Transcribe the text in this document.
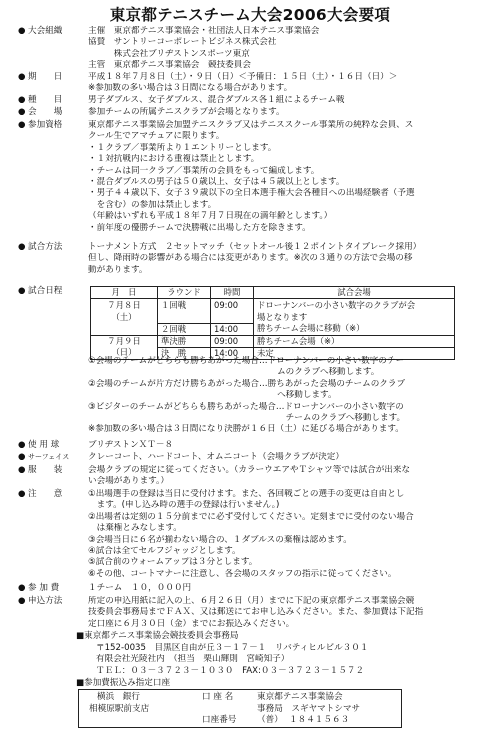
東京都テニスチーム大会2006大会要項
● 大会組織	主催　東京都テニス事業協会・社団法人日本テニス事業協会
協賛　サントリーコーポレートビジネス株式会社
　　　株式会社ブリヂストンスポーツ東京
主管　東京都テニス事業協会　競技委員会
● 期　　日	平成１８年７月８日（土）・９日（日）＜予備日：１５日（土）・１６日（日）＞
※参加数の多い場合は３日間になる場合があります。
● 種　　目	男子ダブルス、女子ダブルス、混合ダブルス各１組によるチーム戦
● 会　　場	参加チームの所属テニスクラブが会場となります。
● 参加資格	東京都テニス事業協会加盟テニスクラブ又はテニススクール事業所の純粋な会員、ス
クール生でアマチュアに限ります。
・１クラブ／事業所より１エントリーとします。
・１対抗戦内における重複は禁止とします。
・チームは同一クラブ／事業所の会員をもって編成します。
・混合ダブルスの男子は５０歳以上、女子は４５歳以上とします。
・男子４４歳以下、女子３９歳以下の全日本選手権大会各種目への出場経験者（予選
　を含む）の参加は禁止します。
（年齢はいずれも平成１８年７月７日現在の満年齢とします。）
・前年度の優勝チームで決勝戦に出場した方を除きます。
● 試合方法	トーナメント方式　２セットマッチ（セットオール後１２ポイントタイブレーク採用）
但し、降雨時の影響がある場合には変更があります。※次の３通りの方法で会場の移
動があります。
● 試合日程	月　日	ラウンド	時間	試合会場
７月８日	１回戦	09:00	ドローナンバーの小さい数字のクラブが会
（土）			場となります
	２回戦	14:00	勝ちチーム会場に移動（※）
７月９日	準決勝	09:00	勝ちチーム会場（※）
（日）	決　勝	14:00	未定
①会場のチームがどちらも勝ちあがった場合…ドローナンバーの小さい数字のチー
　　　　　　　　　　　　　　　　　　　　　　ムのクラブへ移動します。
②会場のチームが片方だけ勝ちあがった場合…勝ちあがった会場のチームのクラブ
　　　　　　　　　　　　　　　　　　　　　　へ移動します。
③ビジターのチームがどちらも勝ちあがった場合…ドローナンバーの小さい数字の
　　　　　　　　　　　　　　　　　　　　　　　チームのクラブへ移動します。
※参加数の多い場合は３日間になり決勝が１６日（土）に延びる場合があります。
● 使 用 球	ブリヂストンＸＴ－８
● サーフェイス クレーコート、ハードコート、オムニコート（会場クラブが決定）
● 服　　装	会場クラブの規定に従ってください。（カラーウエアやＴシャツ等では試合が出来な
い会場があります。）
● 注　　意	①出場選手の登録は当日に受付けます。また、各回戦ごとの選手の変更は自由とし
　ます。(申し込み時の選手の登録は行いません。)
②出場者は定刻の１５分前までに必ず受付してください。定刻までに受付のない場合
　は棄権とみなします。
③会場当日に６名が揃わない場合の、１ダブルスの棄権は認めます。
④試合は全てセルフジャッジとします。
⑤試合前のウォームアップは３分とします。
⑥その他、コートマナーに注意し、各会場のスタッフの指示に従ってください。
● 参 加 費	１チーム　１０，０００円
● 申込方法	所定の申込用紙に記入の上、６月２６日（月）までに下記の東京都テニス事業協会競
技委員会事務局までＦＡＸ、又は郵送にてお申し込みください。また、参加費は下記指
定口座に６月３０日（金）までにお振込みください。
■東京都テニス事業協会競技委員会事務局
〒152-0035　目黒区自由が丘３－１７－１　リバティヒルビル３０１
有限会社光陵社内　（担当　栗山輝則　宮崎知子）
ＴＥＬ：０３－３７２３－１０３０　FAX:０３－３７２３－１５７２
■参加費振込み指定口座
横浜　銀行
相模原駅前支店
口 座 名	東京都テニス事業協会
事務局　スギヤマトシマサ
口座番号 （普） １８４１５６３
